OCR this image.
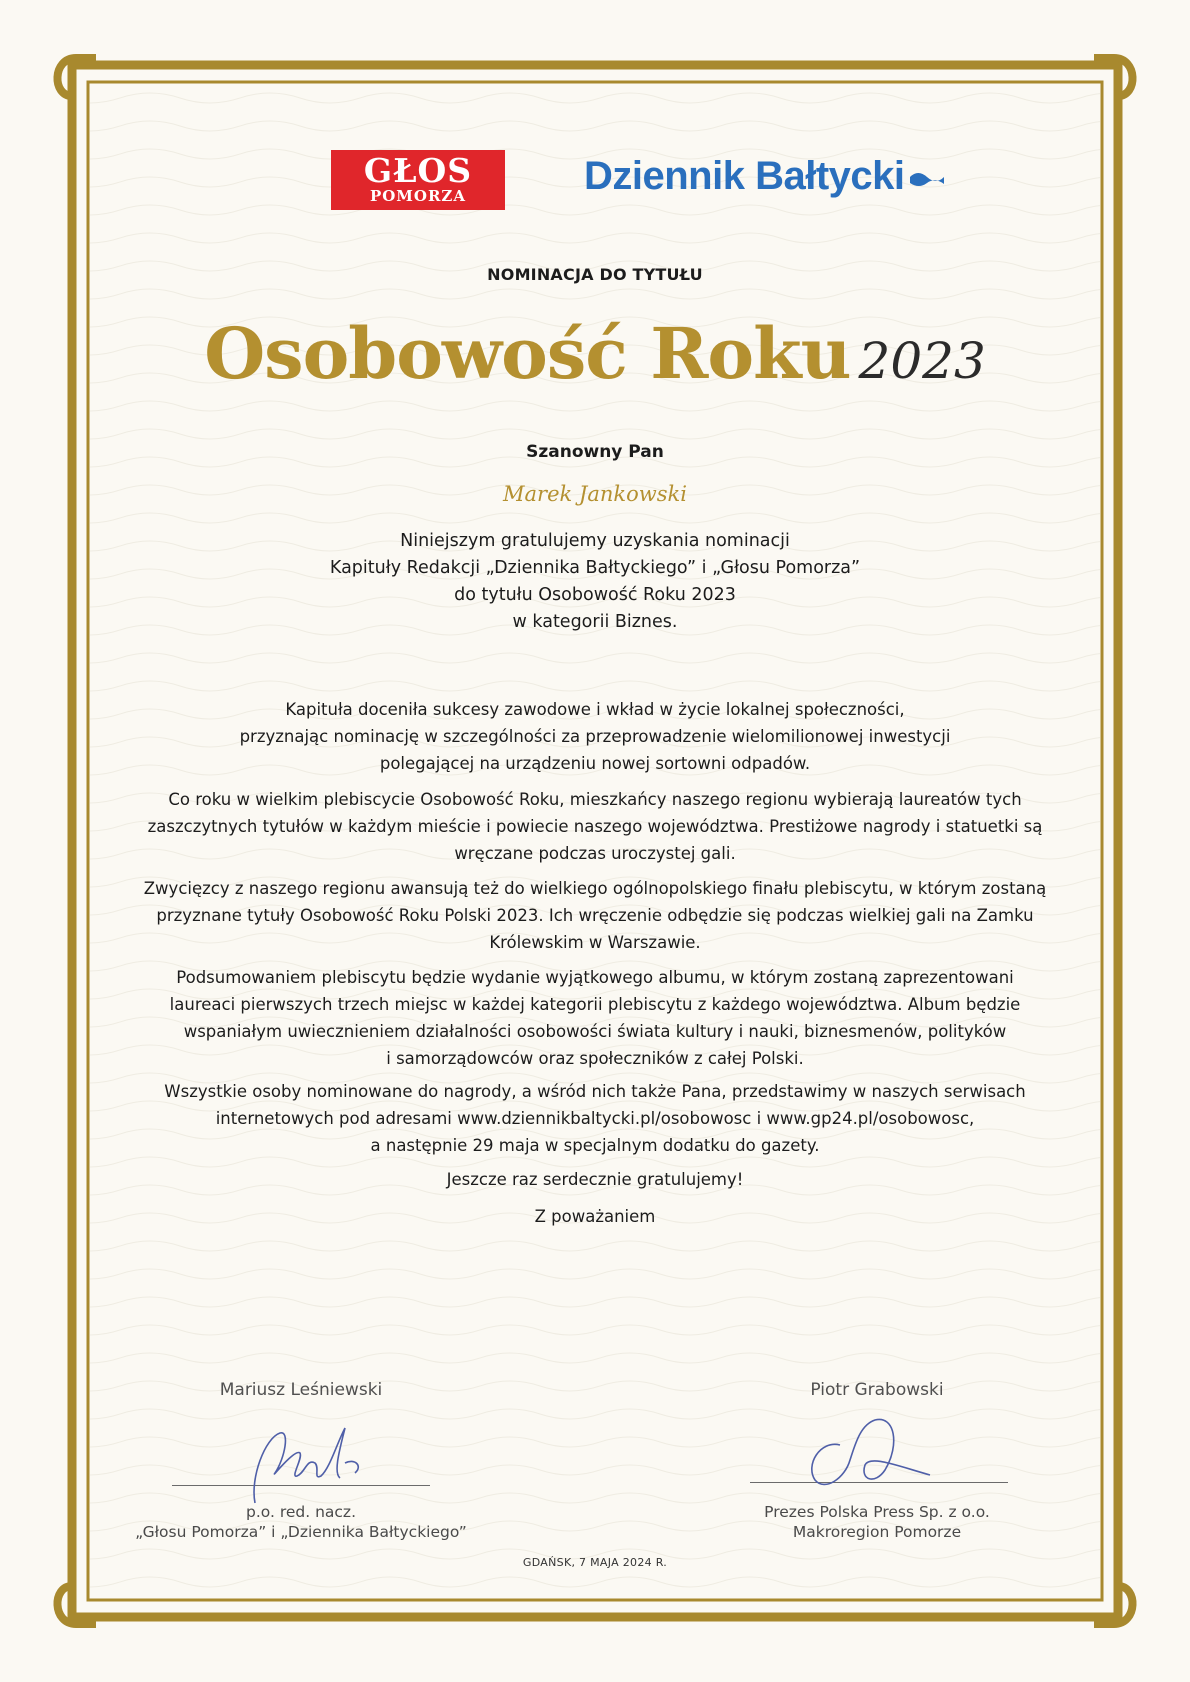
GŁOS
POMORZA	Dziennik Bałtycki
NOMINACJA DO TYTUŁU
Osobowość Roku 2023
Szanowny Pan
Marek Jankowski
Niniejszym gratulujemy uzyskania nominacji
Kapituły Redakcji „Dziennika Bałtyckiego” i „Głosu Pomorza”
do tytułu Osobowość Roku 2023
w kategorii Biznes.
Kapituła doceniła sukcesy zawodowe i wkład w życie lokalnej społeczności,
przyznając nominację w szczególności za przeprowadzenie wielomilionowej inwestycji
polegającej na urządzeniu nowej sortowni odpadów.
Co roku w wielkim plebiscycie Osobowość Roku, mieszkańcy naszego regionu wybierają laureatów tych
zaszczytnych tytułów w każdym mieście i powiecie naszego województwa. Prestiżowe nagrody i statuetki są
wręczane podczas uroczystej gali.
Zwycięzcy z naszego regionu awansują też do wielkiego ogólnopolskiego finału plebiscytu, w którym zostaną
przyznane tytuły Osobowość Roku Polski 2023. Ich wręczenie odbędzie się podczas wielkiej gali na Zamku
Królewskim w Warszawie.
Podsumowaniem plebiscytu będzie wydanie wyjątkowego albumu, w którym zostaną zaprezentowani
laureaci pierwszych trzech miejsc w każdej kategorii plebiscytu z każdego województwa. Album będzie
wspaniałym uwiecznieniem działalności osobowości świata kultury i nauki, biznesmenów, polityków
i samorządowców oraz społeczników z całej Polski.
Wszystkie osoby nominowane do nagrody, a wśród nich także Pana, przedstawimy w naszych serwisach
internetowych pod adresami www.dziennikbaltycki.pl/osobowosc i www.gp24.pl/osobowosc,
a następnie 29 maja w specjalnym dodatku do gazety.
Jeszcze raz serdecznie gratulujemy!
Z poważaniem
Mariusz Leśniewski
p.o. red. nacz.
„Głosu Pomorza” i „Dziennika Bałtyckiego”
Piotr Grabowski
Prezes Polska Press Sp. z o.o.
Makroregion Pomorze
GDAŃSK, 7 MAJA 2024 R.
